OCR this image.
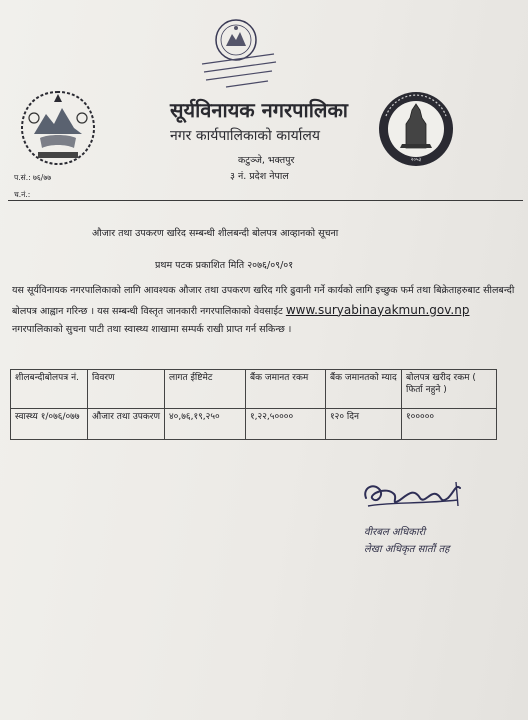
२०५३
सूर्यविनायक नगरपालिका
नगर कार्यपालिकाको कार्यालय
कटुञ्जे, भक्तपुर
३ नं. प्रदेश नेपाल
प.सं.: ७६/७७
च.नं.:
औजार तथा उपकरण खरिद सम्बन्धी शीलबन्दी बोलपत्र आव्हानको सूचना
प्रथम पटक प्रकाशित मिति २०७६/०९/०१
यस सूर्यविनायक नगरपालिकाको लागि आवश्यक औजार तथा उपकरण खरिद गरि ढुवानी गर्ने कार्यको लागि इच्छुक फर्म तथा बिक्रेताहरुबाट सीलबन्दी बोलपत्र आह्वान गरिन्छ । यस सम्बन्धी विस्तृत जानकारी नगरपालिकाको वेवसाईट www.suryabinayakmun.gov.np नगरपालिकाको सुचना पाटी तथा स्वास्थ्य शाखामा सम्पर्क राखी प्राप्त गर्न सकिन्छ ।
शीलबन्दीबोलपत्र नं.	विवरण	लागत ईष्टिमेट	बैंक जमानत रकम	बैंक जमानतको म्याद	बोलपत्र खरीद रकम ( फिर्ता नहुने )
स्वास्थ्य १/०७६/०७७	औजार तथा उपकरण	४०,७६,१९,२५०	१,२२,५००००	१२० दिन	१०००००
वीरबल अधिकारी
लेखा अधिकृत सातौं तह
